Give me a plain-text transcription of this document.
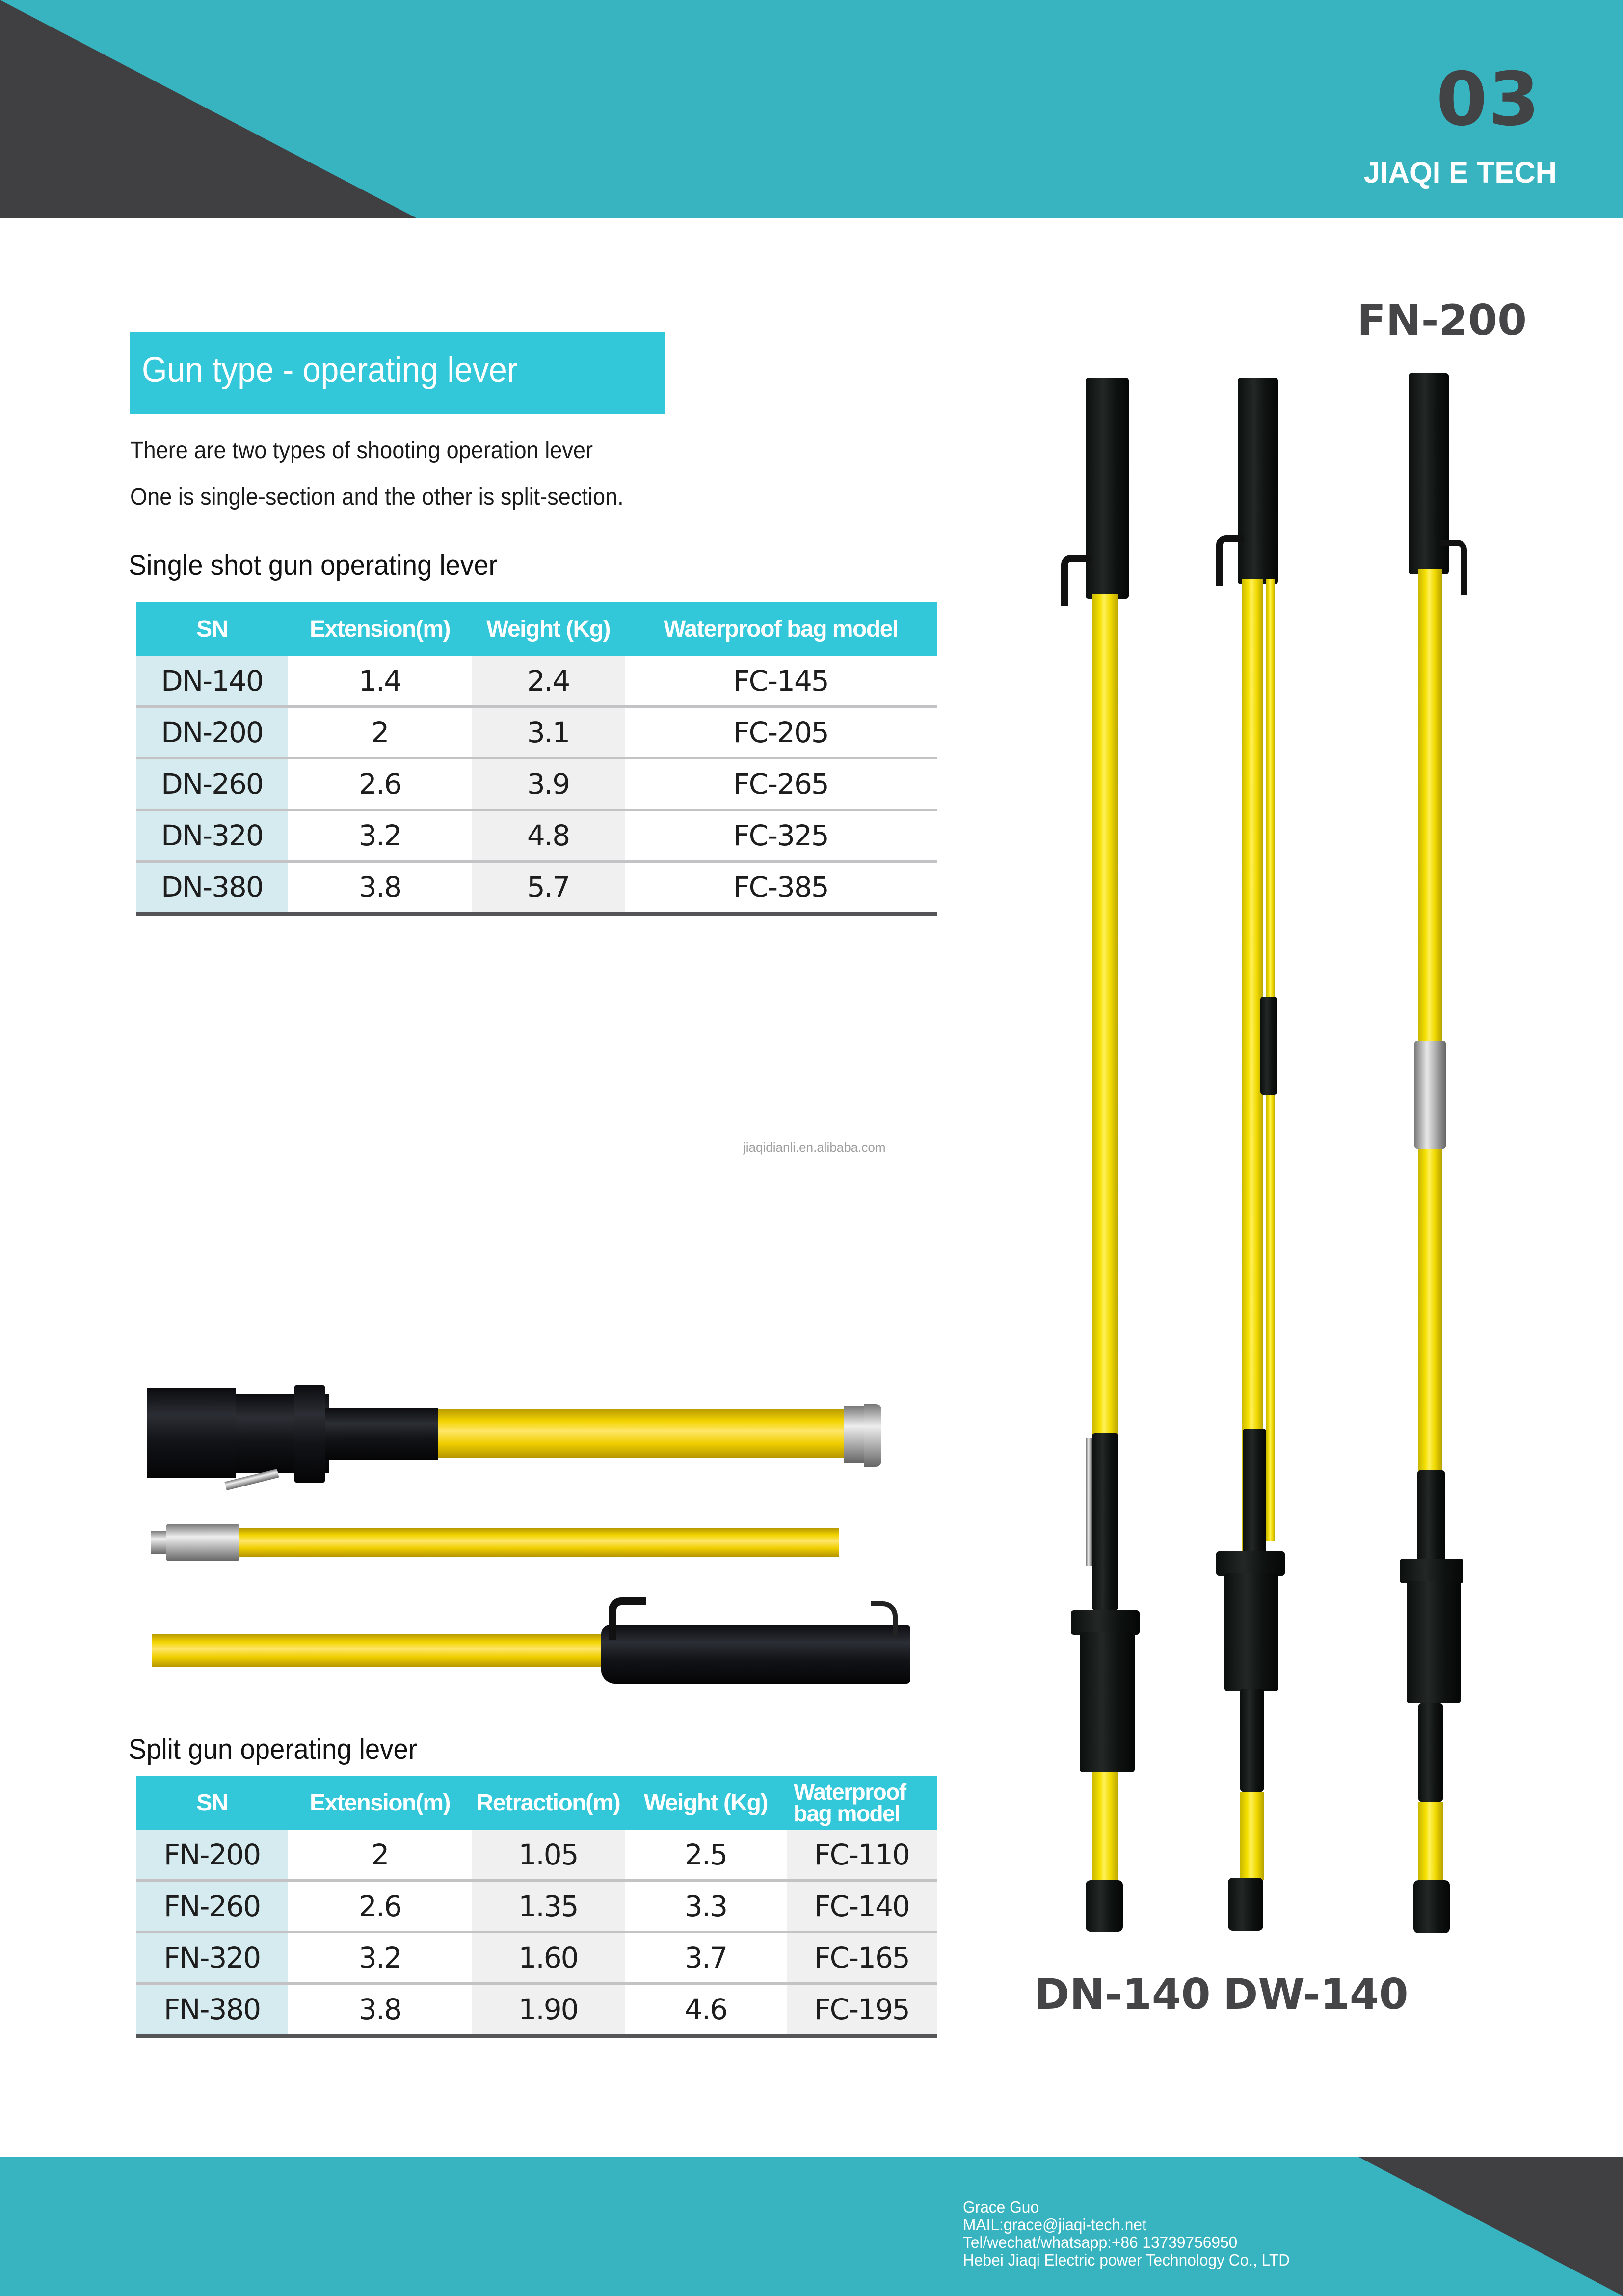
03
JIAQI E TECH
Gun type - operating lever
There are two types of shooting operation lever
One is single-section and the other is split-section.
Single shot gun operating lever
SN	Extension(m)	Weight (Kg)	Waterproof bag model
DN-140	1.4	2.4	FC-145
DN-200	2	3.1	FC-205
DN-260	2.6	3.9	FC-265
DN-320	3.2	4.8	FC-325
DN-380	3.8	5.7	FC-385
jiaqidianli.en.alibaba.com
Split gun operating lever
SN	Extension(m)	Retraction(m)	Weight (Kg)	Waterproof bag model
FN-200	2	1.05	2.5	FC-110
FN-260	2.6	1.35	3.3	FC-140
FN-320	3.2	1.60	3.7	FC-165
FN-380	3.8	1.90	4.6	FC-195
FN-200
DN-140 DW-140
Grace Guo
MAIL:grace@jiaqi-tech.net
Tel/wechat/whatsapp:+86 13739756950
Hebei Jiaqi Electric power Technology Co., LTD
